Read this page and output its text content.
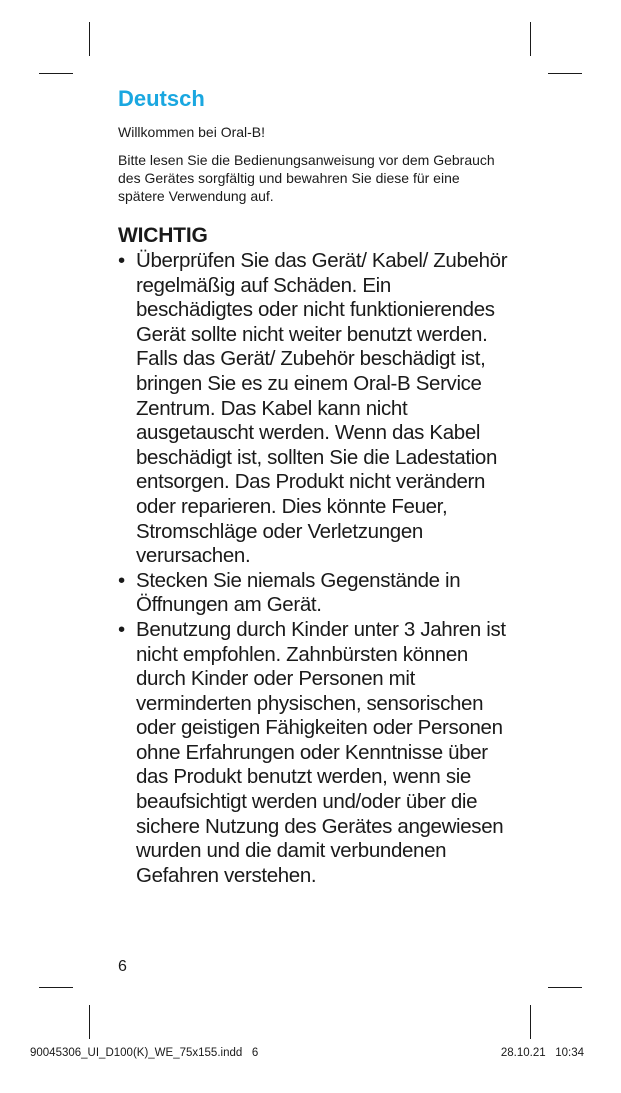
Deutsch

Willkommen bei Oral-B!

Bitte lesen Sie die Bedienungsanweisung vor dem Gebrauch des Gerätes sorgfältig und bewahren Sie diese für eine spätere Verwendung auf.

WICHTIG
• Überprüfen Sie das Gerät/ Kabel/ Zubehör regelmäßig auf Schäden. Ein beschädigtes oder nicht funktionierendes Gerät sollte nicht weiter benutzt werden. Falls das Gerät/ Zubehör beschädigt ist, bringen Sie es zu einem Oral-B Service Zentrum. Das Kabel kann nicht ausgetauscht werden. Wenn das Kabel beschädigt ist, sollten Sie die Ladestation entsorgen. Das Produkt nicht verändern oder reparieren. Dies könnte Feuer, Stromschläge oder Verletzungen verursachen.
• Stecken Sie niemals Gegenstände in Öffnungen am Gerät.
• Benutzung durch Kinder unter 3 Jahren ist nicht empfohlen. Zahnbürsten können durch Kinder oder Personen mit verminderten physischen, sensorischen oder geistigen Fähigkeiten oder Personen ohne Erfahrungen oder Kenntnisse über das Produkt benutzt werden, wenn sie beaufsichtigt werden und/oder über die sichere Nutzung des Gerätes angewiesen wurden und die damit verbundenen Gefahren verstehen.
6
90045306_UI_D100(K)_WE_75x155.indd   6	28.10.21   10:34
